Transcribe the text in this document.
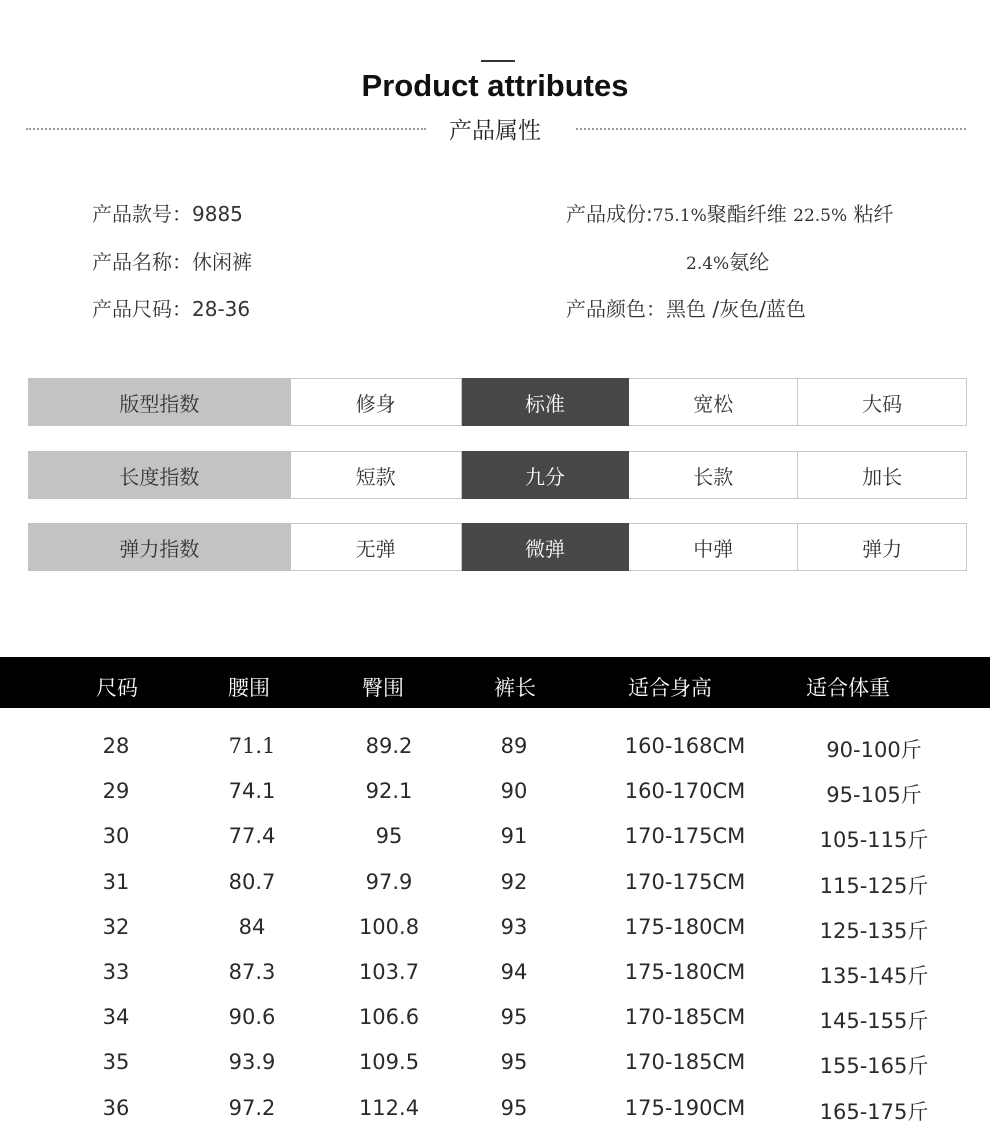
Product attributes
产品属性
产品款号：9885
产品名称：休闲裤
产品尺码：28-36
产品成份:75.1%聚酯纤维 22.5% 粘纤
2.4%氨纶
产品颜色：黑色 /灰色/蓝色
版型指数	修身	标准	宽松	大码
长度指数	短款	九分	长款	加长
弹力指数	无弹	微弹	中弹	弹力
尺码	腰围	臀围	裤长	适合身高	适合体重
28	71.1	89.2	89	160-168CM	90-100斤
29	74.1	92.1	90	160-170CM	95-105斤
30	77.4	95	91	170-175CM	105-115斤
31	80.7	97.9	92	170-175CM	115-125斤
32	84	100.8	93	175-180CM	125-135斤
33	87.3	103.7	94	175-180CM	135-145斤
34	90.6	106.6	95	170-185CM	145-155斤
35	93.9	109.5	95	170-185CM	155-165斤
36	97.2	112.4	95	175-190CM	165-175斤
